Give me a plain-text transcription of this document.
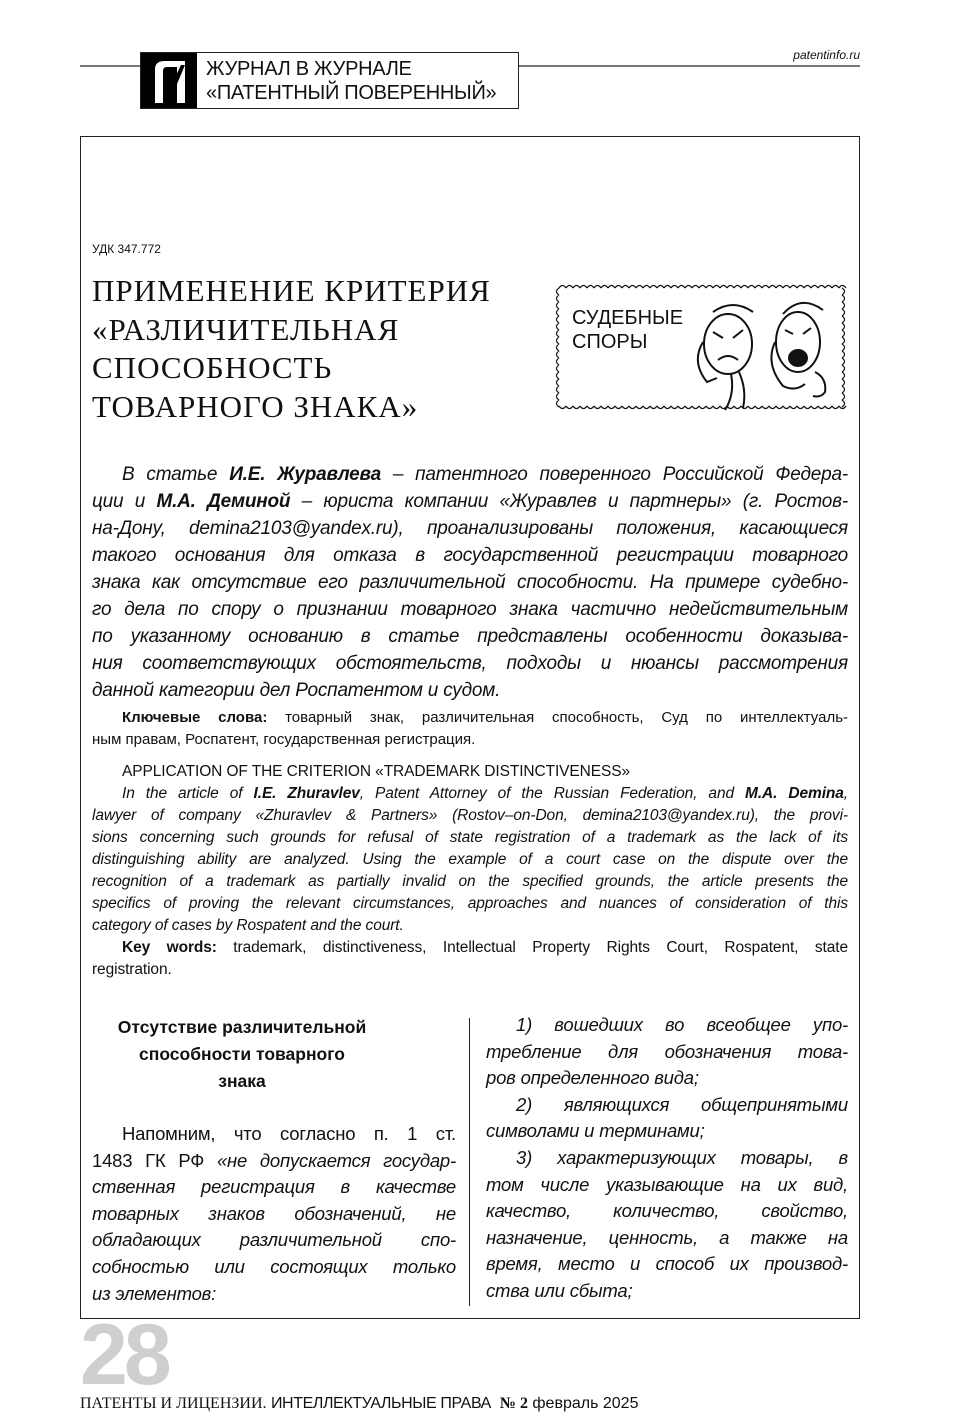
patentinfo.ru
ЖУРНАЛ В ЖУРНАЛЕ
«ПАТЕНТНЫЙ ПОВЕРЕННЫЙ»
УДК 347.772
ПРИМЕНЕНИЕ КРИТЕРИЯ
«РАЗЛИЧИТЕЛЬНАЯ
СПОСОБНОСТЬ
ТОВАРНОГО ЗНАКА»
СУДЕБНЫЕ
СПОРЫ
В статье И.Е. Журавлева – патентного поверенного Российской Федера-
ции и М.А. Деминой – юриста компании «Журавлев и партнеры» (г. Ростов-
на-Дону, demina2103@yandex.ru), проанализированы положения, касающиеся
такого основания для отказа в государственной регистрации товарного
знака как отсутствие его различительной способности. На примере судебно-
го дела по спору о признании товарного знака частично недействительным
по указанному основанию в статье представлены особенности доказыва-
ния соответствующих обстоятельств, подходы и нюансы рассмотрения
данной категории дел Роспатентом и судом.
Ключевые слова: товарный знак, различительная способность, Суд по интеллектуаль-
ным правам, Роспатент, государственная регистрация.
APPLICATION OF THE CRITERION «TRADEMARK DISTINCTIVENESS»
In the article of I.E. Zhuravlev, Patent Attorney of the Russian Federation, and M.A. Demina,
lawyer of company «Zhuravlev & Partners» (Rostov–on-Don, demina2103@yandex.ru), the provi-
sions concerning such grounds for refusal of state registration of a trademark as the lack of its
distinguishing ability are analyzed. Using the example of a court case on the dispute over the
recognition of a trademark as partially invalid on the specified grounds, the article presents the
specifics of proving the relevant circumstances, approaches and nuances of consideration of this
category of cases by Rospatent and the court.
Key words: trademark, distinctiveness, Intellectual Property Rights Court, Rospatent, state
registration.
Отсутствие различительной
способности товарного
знака
Напомним, что согласно п. 1 ст.
1483 ГК РФ «не допускается государ-
ственная регистрация в качестве
товарных знаков обозначений, не
обладающих различительной спо-
собностью или состоящих только
из элементов:
1) вошедших во всеобщее упо-
требление для обозначения това-
ров определенного вида;
2) являющихся общепринятыми
символами и терминами;
3) характеризующих товары, в
том числе указывающие на их вид,
качество, количество, свойство,
назначение, ценность, а также на
время, место и способ их производ-
ства или сбыта;
28
ПАТЕНТЫ И ЛИЦЕНЗИИ. ИНТЕЛЛЕКТУАЛЬНЫЕ ПРАВА № 2 февраль 2025
